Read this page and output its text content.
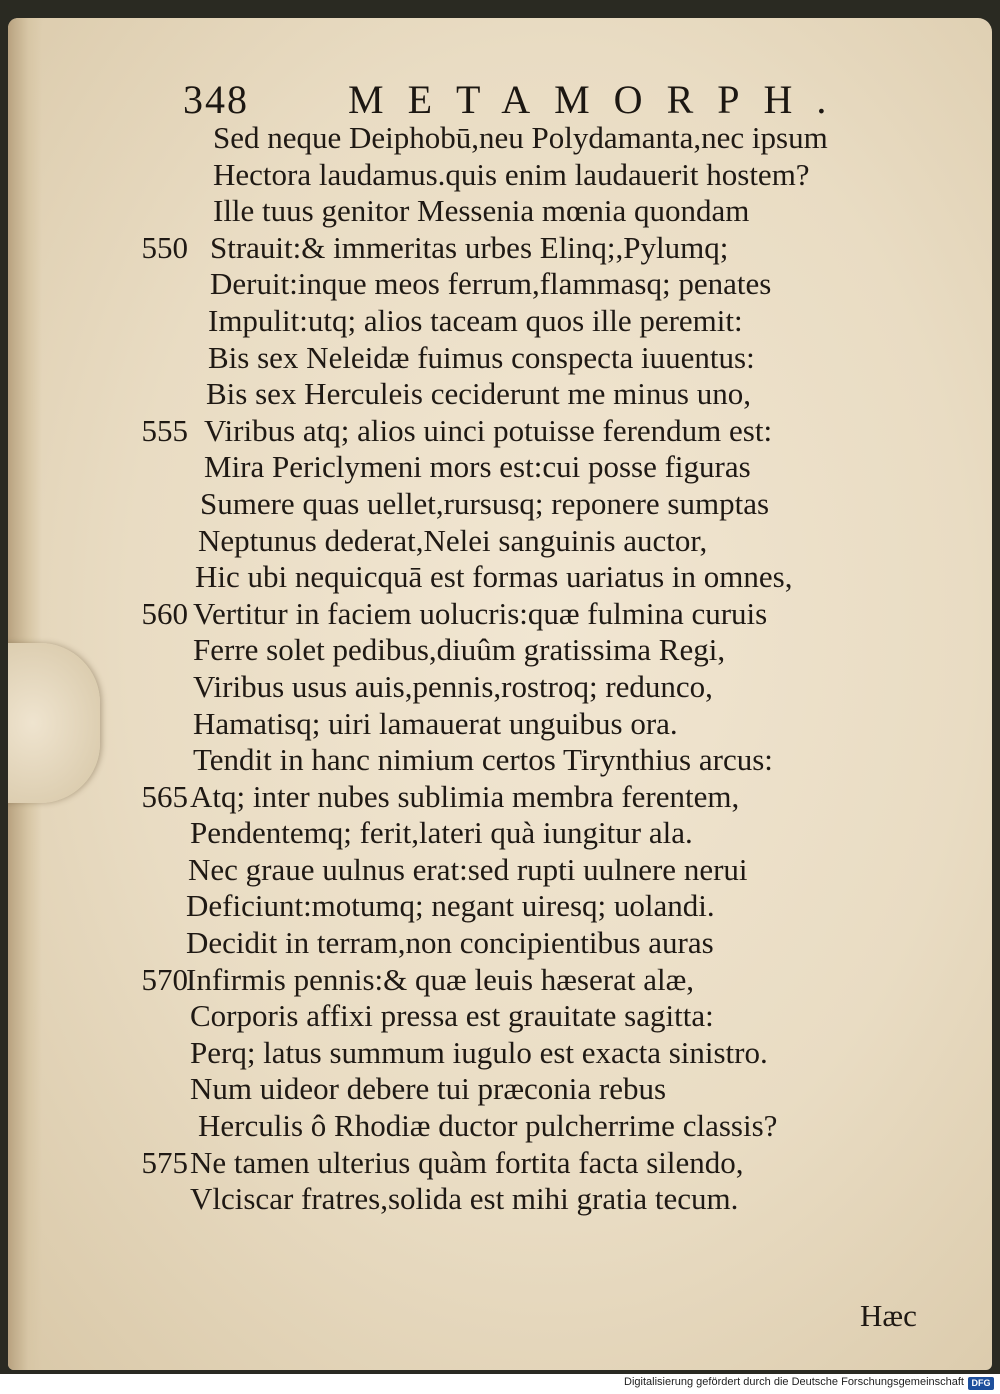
348 METAMORPH.
Sed neque Deiphobū,neu Polydamanta,nec ipsum
Hectora laudamus.quis enim laudauerit hostem?
Ille tuus genitor Messenia mœnia quondam
550 Strauit:& immeritas urbes Elinq;,Pylumq;
Deruit:inque meos ferrum,flammasq; penates
Impulit:utq; alios taceam quos ille peremit:
Bis sex Neleidæ fuimus conspecta iuuentus:
Bis sex Herculeis ceciderunt me minus uno,
555 Viribus atq; alios uinci potuisse ferendum est:
Mira Periclymeni mors est:cui posse figuras
Sumere quas uellet,rursusq; reponere sumptas
Neptunus dederat,Nelei sanguinis auctor,
Hic ubi nequicquā est formas uariatus in omnes,
560 Vertitur in faciem uolucris:quæ fulmina curuis
Ferre solet pedibus,diuûm gratissima Regi,
Viribus usus auis,pennis,rostroq; redunco,
Hamatisq; uiri lamauerat unguibus ora.
Tendit in hanc nimium certos Tirynthius arcus:
565 Atq; inter nubes sublimia membra ferentem,
Pendentemq; ferit,lateri quà iungitur ala.
Nec graue uulnus erat:sed rupti uulnere nerui
Deficiunt:motumq; negant uiresq; uolandi.
Decidit in terram,non concipientibus auras
570
Infirmis pennis:& quæ leuis hæserat alæ,
Corporis affixi pressa est grauitate sagitta:
Perq; latus summum iugulo est exacta sinistro.
Num uideor debere tui præconia rebus
Herculis ô Rhodiæ ductor pulcherrime classis?
575 Ne tamen ulterius quàm fortita facta silendo,
Vlciscar fratres,solida est mihi gratia tecum.
Hæc
Digitalisierung gefördert durch die Deutsche Forschungsgemeinschaft DFG
